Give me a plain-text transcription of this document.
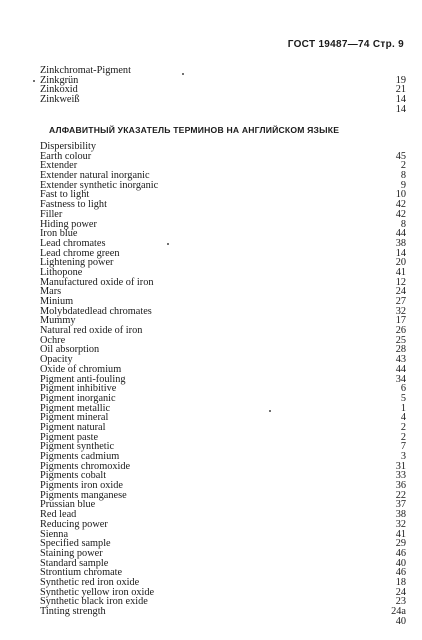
ГОСТ 19487—74 Стр. 9
Zinkchromat-Pigment
Zinkgrün	19
Zinkoxid	21
Zinkweiß	14
14
АЛФАВИТНЫЙ УКАЗАТЕЛЬ ТЕРМИНОВ НА АНГЛИЙСКОМ ЯЗЫКЕ
Dispersibility
Earth colour	45
Extender	2
Extender natural inorganic	8
Extender synthetic inorganic	9
Fast to light	10
Fastness to light	42
Filler	42
Hiding power	8
Iron blue	44
Lead chromates	38
Lead chrome green	14
Lightening power	20
Lithopone	41
Manufactured oxide of iron	12
Mars	24
Minium	27
Molybdatedlead chromates	32
Mummy	17
Natural red oxide of iron	26
Ochre	25
Oil absorption	28
Opacity	43
Oxide of chromium	44
Pigment anti-fouling	34
Pigment inhibitive	6
Pigment inorganic	5
Pigment metallic	1
Pigment mineral	4
Pigment natural	2
Pigment paste	2
Pigment synthetic	7
Pigments cadmium	3
Pigments chromoxide	31
Pigments cobalt	33
Pigments iron oxide	36
Pigments manganese	22
Prussian blue	37
Red lead	38
Reducing power	32
Sienna	41
Specified sample	29
Staining power	46
Standard sample	40
Strontium chromate	46
Synthetic red iron oxide	18
Synthetic yellow iron oxide	24
Synthetic black iron exide	23
Tinting strength	24a
40
